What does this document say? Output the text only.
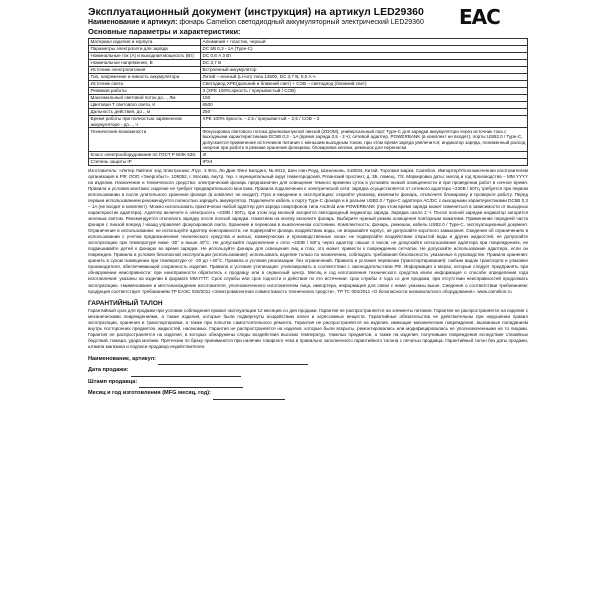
EAC
Эксплуатационный документ (инструкция) на артикул LED29360
Наименование и артикул: фонарь Camelion светодиодный аккумуляторный электрический LED29360
Основные параметры и характеристики:
Материал изделия и корпуса	Алюминий + пластик, черный
Параметры электросети для заряда	DC 5В 0,3 - 1А (Type-C)
Номинальные ток (А) и выходная мощность (Вт)	DC 0,8 А 3 Вт
Номинальное напряжение, В	DC 3,7 В
Источник электропитания	Встроенный аккумулятор
Тип, напряжение и емкость аккумулятора	Литий – ионный (Li-ion) типа 14500, DC 3,7 В; 0,5 А·ч
Источник света	Светодиод XPE(дальний и ближний свет) + COB – светодиод (ближний свет)
Режимов работы	3 (XPE 100%;яркость / прерывистый / COB)
Максимальный световой поток до..., Лм	100
Цветовая Т светового света, K	6500
Дальность действия, до.., м	250
Время работы при полностью заряженном аккумуляторе - до..., ч	XPE 100% яркость – 2,5 / прерывистый – 2,5 / COB – 2
Технические возможности	Фокусировка светового потока двояковыпуклой линзой (ZOOM), универсальный порт Type-C для зарядки аккумулятора через источник тока с выходными характеристиками DC5B 0,3 - 1A (время заряда 0,5 - 2 ч): сетевой адаптер, POWERBANK (в комплект не входят), порты USB2.0 / Type-C, допускается применение источников питания с меньшим выходным током, при этом время заряда увеличится; индикатор заряда, пониженный расход энергии при работе в режиме хранения фонарика, блокировка кнопки, ремешок для переноски
Класс электрооборудования по ГОСТ Р МЭК 536:	III
Степень защиты IP	IPX4
Изготовитель: «Интер Лайтинг энд Электроникс Лтд», 3 Фло, Ли Динг Фенг Билдинг, № 6012, Шен Нан Роуд, Шэньчжэнь, 518034, Китай. Торговая марка: Camelion. Импортер/Уполномоченная изготовителем организация в РФ: ООО «Энергобыт», 109052, г. Москва, внутр. тер. г. муниципальный округ Нижегородский, Рязанский проспект, д. 3Б, помещ. 7/3. Маркировка даты: месяц и год производства – MM.YYYY на изделии. Назначение и технического средства: электрический фонарь предназначен для освещения темного времени суток в условиях низкой освещенности и при проведении работ в ночное время. Правила и условия монтажа: изделие не требует предварительного монтажа. Правила подключения к электрической сети: зарядка осуществляется от сетевого адаптера ~230В / 50Гц требуется при первом использовании и после длительного хранения фонаря (в комплект не входит). Пуск и введение в эксплуатацию: откройте упаковку, извлеките фонарь, отключите блокировку и проверьте работу. Перед первым использованием рекомендуется полностью зарядить аккумулятор. Подключите кабель к порту Type-C фонаря и в разъем USB2.0 / Type-C адаптера AC/DC с выходными характеристиками DC5B 0,3 – 1A (не входит в комплект). Можно использовать практически любой адаптер для заряда смартфонов типа Android или POWERBANK (при этом время заряда может измениться в зависимости от выходных характеристик адаптера). Адаптер включите в электросеть ~230В / 50Гц, при этом под кнопкой загорится светодиодный индикатор заряда. Зарядка около 2 ч. После полной зарядки индикатор загорится зеленым светом. Рекомендуется отключать зарядку после полной зарядки. Нажатием на кнопку включите фонарь. Выберите нужный режим освещения повторным нажатием. Применение передней части фонаря с линзой вперед / назад управляет фокусировкой света. Хранение и перевозка в выключенном состоянии. Комплектность: фонарь, ремешок, кабель USB2.0 / Type-C, эксплуатационный документ. Ограничение в использовании: не используйте адаптер неисправности, не подвергайте фонарь воздействию воды, не вскрывайте корпус, не допускайте короткого замыкания. Сведения об ограничениях в использовании с учетом предназначения технического средства и жилых, коммерческих и производственных зонах: не подвергайте воздействию открытой воды и других жидкостей, не допускайте эксплуатацию при температуре ниже -30° и выше 40°С. Не допускайте подключение к сети ~230В / 50Гц через адаптер свыше 4 часов, не допускайте использование адаптера при повреждениях, не подвешивайте детей к фонарю во время зарядки. Не используйте фонарь для освещения лиц и глаз, это может привести к повреждению сетчатки. Не допускайте использование адаптера, если он поврежден. Правила и условия безопасной эксплуатации (использования): использовать изделие только по назначению, соблюдать требования безопасности, указанные в руководстве. Правила хранения: хранить в сухом помещении при температуре от -20 до +40°С. Правила и условия реализации: без ограничений. Правила и условия перевозки (транспортирования): любым видом транспорта в упаковке производителя, обеспечивающей сохранность изделия. Правила и условия утилизации: утилизировать в соответствии с законодательством РФ. Информация о мерах, которые следует предпринять при обнаружении неисправности: при неисправности обратитесь к продавцу или в сервисный центр. Месяц и год изготовления технического средства и/или информация о способе определения года изготовления: указаны на изделии в формате ММ.ГГГГ. Срок службы или срок годности и действия по его истечении: срок службы 4 года со дня продажи, при отсутствии неисправностей продолжать эксплуатацию. Наименование и местонахождение изготовителя, уполномоченного изготовителем лица, импортера, информация для связи с ними: указаны выше. Сведения о соответствии требованиям: продукция соответствует требованиям ТР ЕАЭС 020/2011 «Электромагнитная совместимость технических средств», ТР ТС 004/2011 «О безопасности низковольтного оборудования». www.camelion.ru
ГАРАНТИЙНЫЙ ТАЛОН
Гарантийный срок для продажи при условии соблюдения правил эксплуатации 12 месяцев со дня продажи. Гарантия не распространяется на элементы питания. Гарантия не распространяется на изделия с механическими повреждениями, а также изделия, которые были подвергнуты воздействию влаги и агрессивных веществ. Гарантийные обязательства не действительны при нарушении правил эксплуатации, хранения и транспортировки, а также при попытке самостоятельного ремонта. Гарантия не распространяется на изделия, имеющие механические повреждения, вызванные попаданием внутрь посторонних предметов, жидкостей, насекомых. Гарантия не распространяется на изделия, которые были вскрыты, ремонтировались или модифицировались не уполномоченными на то лицами. Гарантия не распространяется на изделия, в которых обнаружены следы воздействия высоких температур, тяжелых предметов, а также на изделия, получившие повреждения вследствие стихийных бедствий, пожара, удара молнии. Претензии по браку принимаются при наличии товарного чека и правильно заполненного гарантийного талона с печатью продавца. Гарантийный талон без даты продажи, штампа магазина и подписи продавца недействителен.
Наименование, артикул:
Дата продажи:
Штамп продавца:
Месяц и год изготовления (MFG месяц, год):
